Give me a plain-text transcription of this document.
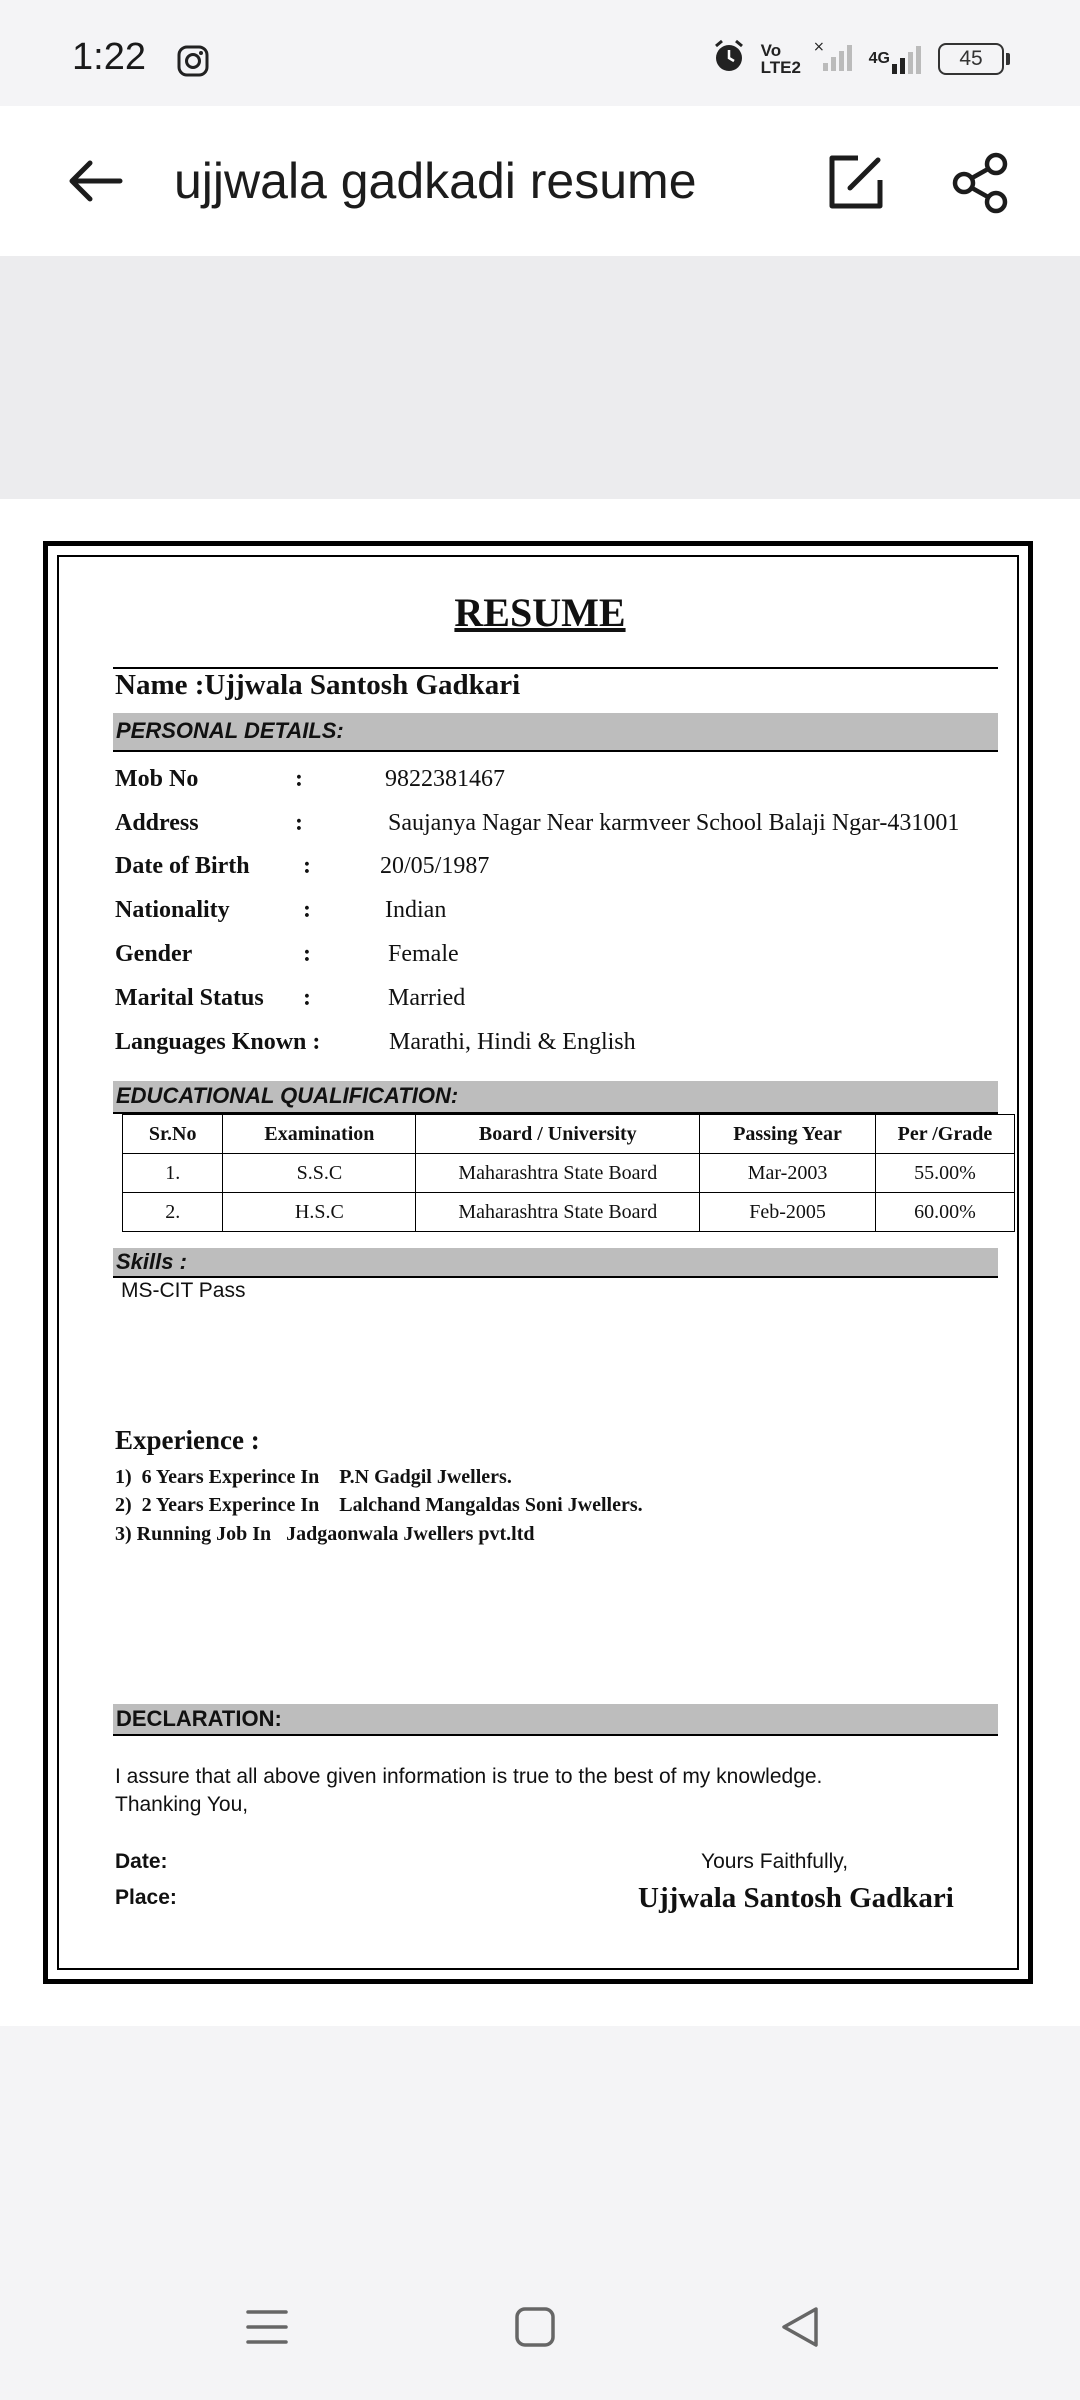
1:22	Vo LTE2
×
4G	45
ujjwala gadkadi resume
RESUME
Name :Ujjwala Santosh Gadkari
PERSONAL DETAILS:
Mob No	:	9822381467
Address	:	Saujanya Nagar Near karmveer School Balaji Ngar-431001
Date of Birth :	20/05/1987
Nationality	:	Indian
Gender	:	Female
Marital Status :	Married
Languages Known :	Marathi, Hindi & English
EDUCATIONAL QUALIFICATION:
Sr.No	Examination	Board / University	Passing Year	Per /Grade
1.	S.S.C	Maharashtra State Board	Mar-2003	55.00%
2.	H.S.C	Maharashtra State Board	Feb-2005	60.00%
Skills :
MS-CIT Pass
Experience :
1)  6 Years Experince In    P.N Gadgil Jwellers.
2)  2 Years Experince In    Lalchand Mangaldas Soni Jwellers.
3) Running Job In   Jadgaonwala Jwellers pvt.ltd
DECLARATION:
I assure that all above given information is true to the best of my knowledge.
Thanking You,
Date:
Place:
Yours Faithfully,
Ujjwala Santosh Gadkari
